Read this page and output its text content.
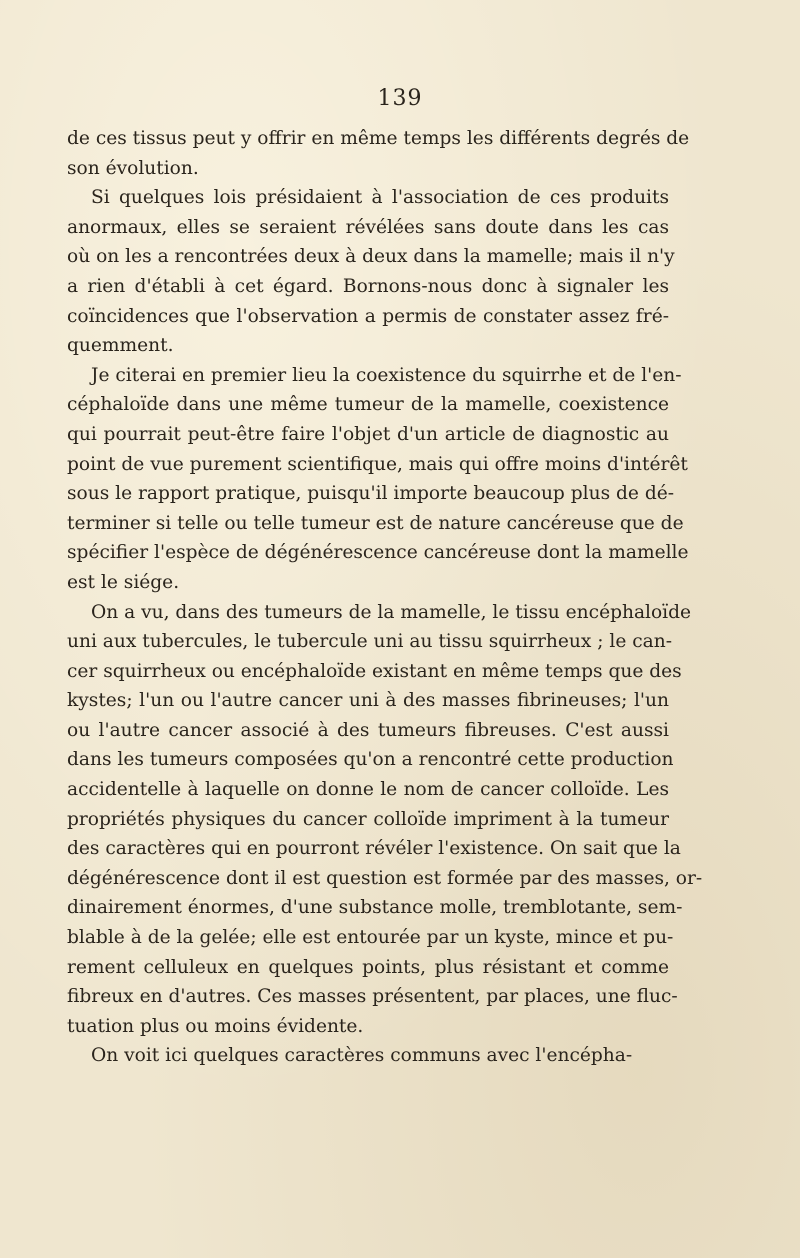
139

de ces tissus peut y offrir en même temps les différents degrés de
son évolution.

Si quelques lois présidaient à l'association de ces produits
anormaux, elles se seraient révélées sans doute dans les cas
où on les a rencontrées deux à deux dans la mamelle; mais il n'y
a rien d'établi à cet égard. Bornons-nous donc à signaler les
coïncidences que l'observation a permis de constater assez fré-
quemment.

Je citerai en premier lieu la coexistence du squirrhe et de l'en-
céphaloïde dans une même tumeur de la mamelle, coexistence
qui pourrait peut-être faire l'objet d'un article de diagnostic au
point de vue purement scientifique, mais qui offre moins d'intérêt
sous le rapport pratique, puisqu'il importe beaucoup plus de dé-
terminer si telle ou telle tumeur est de nature cancéreuse que de
spécifier l'espèce de dégénérescence cancéreuse dont la mamelle
est le siége.

On a vu, dans des tumeurs de la mamelle, le tissu encéphaloïde
uni aux tubercules, le tubercule uni au tissu squirrheux ; le can-
cer squirrheux ou encéphaloïde existant en même temps que des
kystes; l'un ou l'autre cancer uni à des masses fibrineuses; l'un
ou l'autre cancer associé à des tumeurs fibreuses. C'est aussi
dans les tumeurs composées qu'on a rencontré cette production
accidentelle à laquelle on donne le nom de cancer colloïde. Les
propriétés physiques du cancer colloïde impriment à la tumeur
des caractères qui en pourront révéler l'existence. On sait que la
dégénérescence dont il est question est formée par des masses, or-
dinairement énormes, d'une substance molle, tremblotante, sem-
blable à de la gelée; elle est entourée par un kyste, mince et pu-
rement celluleux en quelques points, plus résistant et comme
fibreux en d'autres. Ces masses présentent, par places, une fluc-
tuation plus ou moins évidente.

On voit ici quelques caractères communs avec l'encépha-
